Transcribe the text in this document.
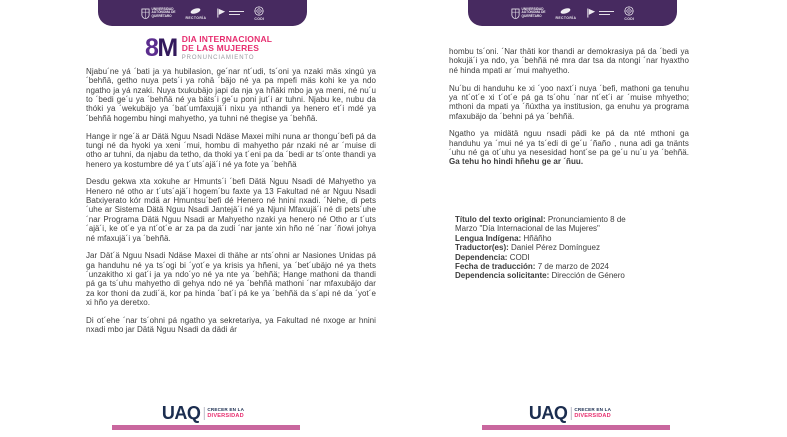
UNIVERSIDAD AUTÓNOMA DE QUERÉTARO	RECTORÍA	CODI
8M DIA INTERNACIONAL
DE LAS MUJERES
PRONUNCIAMIENTO

Njabu´ne yá ´bati ja ya hubilasion, ge´nar nt´udi, ts´oni ya nzaki mäs xingú ya ´behñä, getho nuya pets´i ya rohä ´bäjo né ya pa mpefi mäs kohi ke ya ndo ngatho ja yá nzaki. Nuya txukubäjo japi da nja ya hñäki mbo ja ya meni, né nu´u to ´bedi ge´u ya ´behñä né ya bäts´i ge´u poni jut´i ar tuhni. Njabu ke, nubu da thóki ya ´wekubäjo ya ´bat´umfaxujä´i nixu ya nthandi ya henero et´i mdé ya ´behñä hogembu hingi mahyetho, ya tuhni né thegise ya ´behñä.

Hange ir nge´ä ar Dätä Nguu Nsadi Ndäse Maxei mihi nuna ar thongu´befi pá da tungi né da hyoki ya xeni ´mui, hombu di mahyetho pár nzaki né ar ´muise di otho ar tuhni, da njabu da tetho, da thoki ya t´eni pa da ´bedi ar ts´onte thandi ya henero ya kostumbre dé ya t´uts´ajä´i né ya fote ya ´behñä

Desdu gekwa xta xokuhe ar Hmunts´i ´befi Dätä Nguu Nsadi dé Mahyetho ya Henero né otho ar t´uts´ajä´i hogem´bu faxte ya 13 Fakultad né ar Nguu Nsadi Batxiyerato kór mdä ar Hmuntsu´befi dé Henero né hnini nxadi. ´Nehe, di pets´uhe ar Sistema Dätä Nguu Nsadi Jantejä´i né ya Njuni Mfaxujä´i né di pets´uhe ´nar Programa Dätä Nguu Nsadi ar Mahyetho nzaki ya henero né Otho ar t´uts´ajä´i, ke ot´e ya nt´ot´e ar za pa da zudi ´nar jante xin hño né ´nar ´ñowi johya né mfaxujä´i ya ´behñä.

Jar Dät´ä Nguu Nsadi Ndäse Maxei di thähe ar nts´ohni ar Nasiones Unidas pá ga handuhu né ya ts´ogi bi ´yot´e ya krisis ya hñeni, ya ´bet´ubäjo né ya thets´unzakitho xi gat´i ja ya ndo´yo né ya nte ya ´behñä; Hange mathoni da thandi pá ga ts´uhu mahyetho di gehya ndo né ya ´behñä mathoni ´nar mfaxubäjo dar za kor thoni da zudi´ä, kor pa hinda ´bat´i pá ke ya ´behñä da s´api né da ´yot´e xi hño ya deretxo.

Di ot´ehe ´nar ts´ohni pá ngatho ya sekretariya, ya Fakultad né nxoge ar hnini nxadi mbo jar Dätä Nguu Nsadi da dädi ár

UAQ CRECER EN LA
DIVERSIDAD
UNIVERSIDAD AUTÓNOMA DE QUERÉTARO	RECTORÍA	CODI

hombu ts´oni. ´Nar thäti kor thandi ar demokrasiya pá da ´bedi ya hokujä´i ya ndo, ya ´behñä né mra dar tsa da ntongi ´nar hyaxtho né hinda mpati ar ´mui mahyetho.

Nu´bu di handuhu ke xi ´yoo naxt´i nuya ´befi, mathoni ga tenuhu ya nt´ot´e xi t´ot´e pá ga ts´ohu ´nar nt´et´i ar ´muise mhyetho; mthoni da mpati ya ´ñúxtha ya institusion, ga enuhu ya programa mfaxubäjo da ´behni pá ya ´behñä.

Ngatho ya midätä nguu nsadi pädi ke pá da nté mthoni ga handuhu ya ´mui né ya ts´edi di ge´u ´ñaño , nuna adi ga tnänts´uhu né ga ot´uhu ya nesesidad hont´se pa ge´u nu´u ya ´behñä. Ga tehu ho hindi hñehu ge ar ´ñuu.

Título del texto original: Pronunciamiento 8 de Marzo "Día Internacional de las Mujeres"
Lengua Indígena: Hñäñho
Traductor(es): Daniel Pérez Domínguez
Dependencia: CODI
Fecha de traducción: 7 de marzo de 2024
Dependencia solicitante: Dirección de Género
UAQ CRECER EN LA
DIVERSIDAD
